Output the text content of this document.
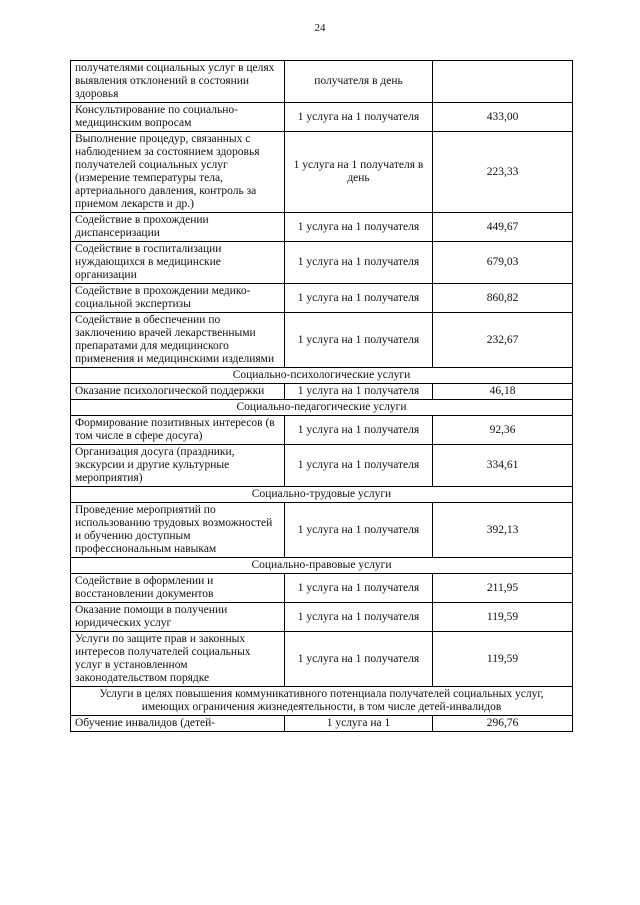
24
получателями социальных услуг в целях выявления отклонений в состоянии здоровья	получателя в день	
Консультирование по социально-медицинским вопросам	1 услуга на 1 получателя	433,00
Выполнение процедур, связанных с наблюдением за состоянием здоровья получателей социальных услуг (измерение температуры тела, артериального давления, контроль за приемом лекарств и др.)	1 услуга на 1 получателя в день	223,33
Содействие в прохождении диспансеризации	1 услуга на 1 получателя	449,67
Содействие в госпитализации нуждающихся в медицинские организации	1 услуга на 1 получателя	679,03
Содействие в прохождении медико-социальной экспертизы	1 услуга на 1 получателя	860,82
Содействие в обеспечении по заключению врачей лекарственными препаратами для медицинского применения и медицинскими изделиями	1 услуга на 1 получателя	232,67
Социально-психологические услуги		
Оказание психологической поддержки	1 услуга на 1 получателя	46,18
Социально-педагогические услуги		
Формирование позитивных интересов (в том числе в сфере досуга)	1 услуга на 1 получателя	92,36
Организация досуга (праздники, экскурсии и другие культурные мероприятия)	1 услуга на 1 получателя	334,61
Социально-трудовые услуги		
Проведение мероприятий по использованию трудовых возможностей и обучению доступным профессиональным навыкам	1 услуга на 1 получателя	392,13
Социально-правовые услуги		
Содействие в оформлении и восстановлении документов	1 услуга на 1 получателя	211,95
Оказание помощи в получении юридических услуг	1 услуга на 1 получателя	119,59
Услуги по защите прав и законных интересов получателей социальных услуг в установленном законодательством порядке	1 услуга на 1 получателя	119,59
Услуги в целях повышения коммуникативного потенциала получателей социальных услуг, имеющих ограничения жизнедеятельности, в том числе детей-инвалидов		
Обучение инвалидов (детей-	1 услуга на 1	296,76
